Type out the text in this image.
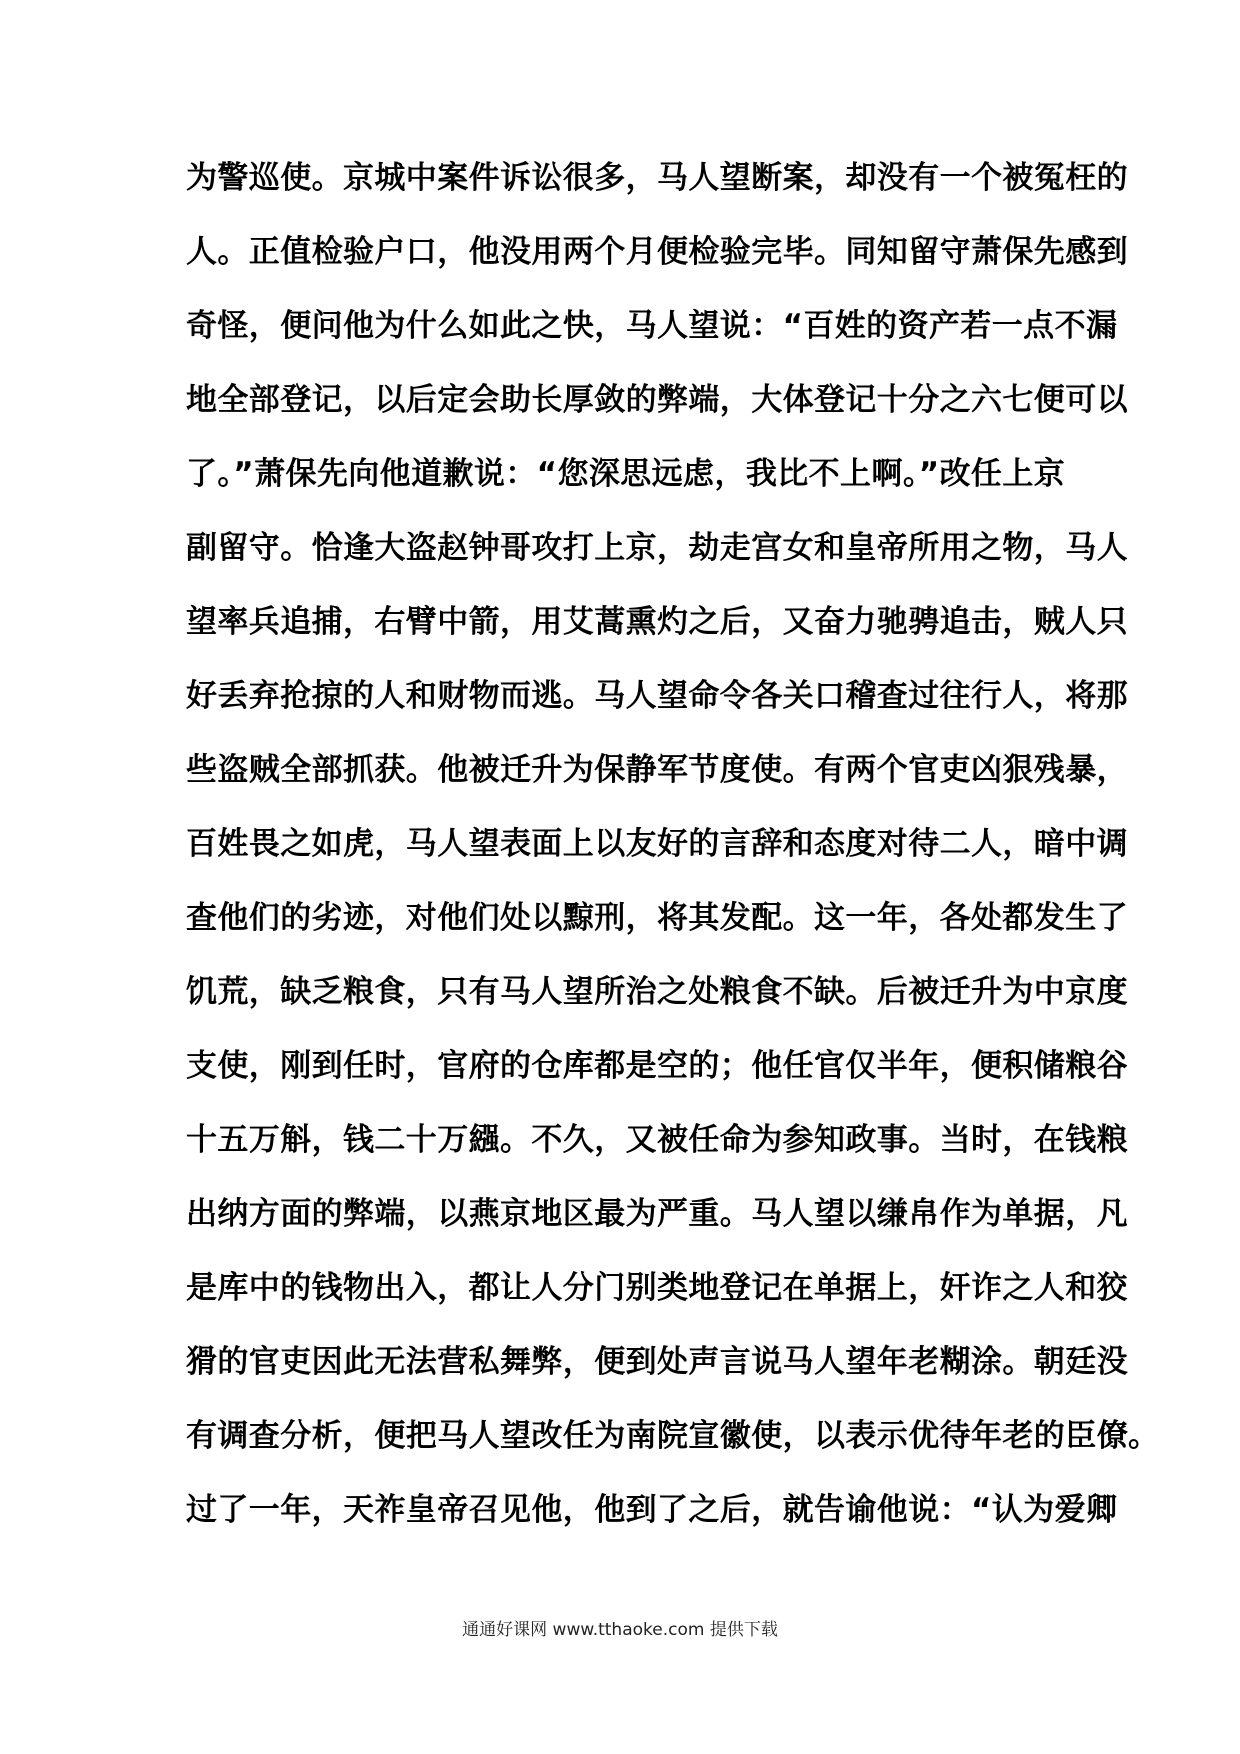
为警巡使。京城中案件诉讼很多，马人望断案，却没有一个被冤枉的
人。正值检验户口，他没用两个月便检验完毕。同知留守萧保先感到
奇怪，便问他为什么如此之快，马人望说：“百姓的资产若一点不漏
地全部登记，以后定会助长厚敛的弊端，大体登记十分之六七便可以
了。”萧保先向他道歉说：“您深思远虑，我比不上啊。”改任上京
副留守。恰逢大盗赵钟哥攻打上京，劫走宫女和皇帝所用之物，马人
望率兵追捕，右臂中箭，用艾蒿熏灼之后，又奋力驰骋追击，贼人只
好丢弃抢掠的人和财物而逃。马人望命令各关口稽查过往行人，将那
些盗贼全部抓获。他被迁升为保静军节度使。有两个官吏凶狠残暴，
百姓畏之如虎，马人望表面上以友好的言辞和态度对待二人，暗中调
查他们的劣迹，对他们处以黥刑，将其发配。这一年，各处都发生了
饥荒，缺乏粮食，只有马人望所治之处粮食不缺。后被迁升为中京度
支使，刚到任时，官府的仓库都是空的；他任官仅半年，便积储粮谷
十五万斛，钱二十万繦。不久，又被任命为参知政事。当时，在钱粮
出纳方面的弊端，以燕京地区最为严重。马人望以缣帛作为单据，凡
是库中的钱物出入，都让人分门别类地登记在单据上，奸诈之人和狡
猾的官吏因此无法营私舞弊，便到处声言说马人望年老糊涂。朝廷没
有调查分析，便把马人望改任为南院宣徽使，以表示优待年老的臣僚。
过了一年，天祚皇帝召见他，他到了之后，就告谕他说：“认为爱卿
通通好课网 www.tthaoke.com 提供下载
